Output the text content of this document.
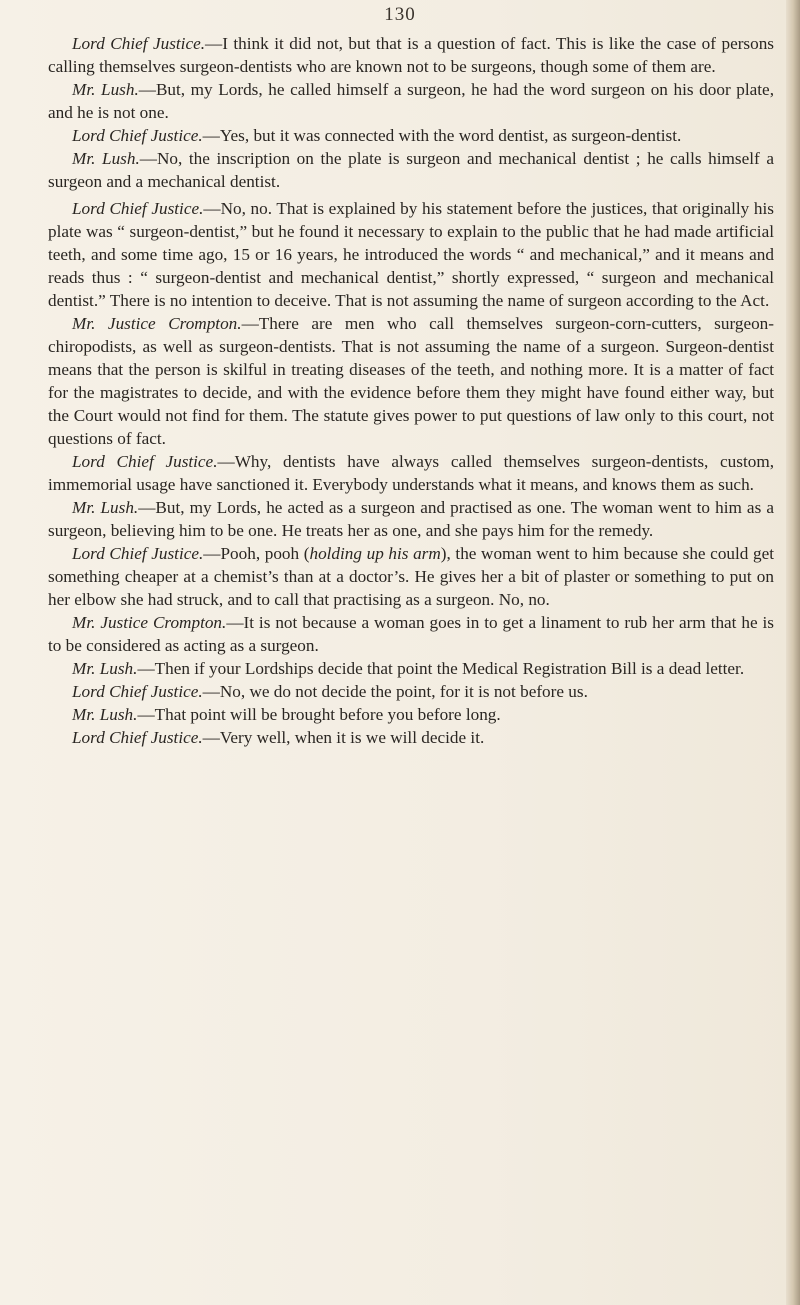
130

Lord Chief Justice.—I think it did not, but that is a question of fact. This is like the case of persons calling themselves surgeon-dentists who are known not to be surgeons, though some of them are.

Mr. Lush.—But, my Lords, he called himself a surgeon, he had the word surgeon on his door plate, and he is not one.

Lord Chief Justice.—Yes, but it was connected with the word dentist, as surgeon-dentist.

Mr. Lush.—No, the inscription on the plate is surgeon and mechanical dentist ; he calls himself a surgeon and a mechanical dentist.

Lord Chief Justice.—No, no. That is explained by his statement before the justices, that originally his plate was “ surgeon-dentist,” but he found it necessary to explain to the public that he had made artificial teeth, and some time ago, 15 or 16 years, he introduced the words “ and mechanical,” and it means and reads thus : “ surgeon-dentist and mechanical dentist,” shortly expressed, “ surgeon and mechanical dentist.” There is no intention to deceive. That is not assuming the name of surgeon according to the Act.

Mr. Justice Crompton.—There are men who call themselves surgeon-corn-cutters, surgeon-chiropodists, as well as surgeon-dentists. That is not assuming the name of a surgeon. Surgeon-dentist means that the person is skilful in treating diseases of the teeth, and nothing more. It is a matter of fact for the magistrates to decide, and with the evidence before them they might have found either way, but the Court would not find for them. The statute gives power to put questions of law only to this court, not questions of fact.

Lord Chief Justice.—Why, dentists have always called themselves surgeon-dentists, custom, immemorial usage have sanctioned it. Everybody understands what it means, and knows them as such.

Mr. Lush.—But, my Lords, he acted as a surgeon and practised as one. The woman went to him as a surgeon, believing him to be one. He treats her as one, and she pays him for the remedy.

Lord Chief Justice.—Pooh, pooh (holding up his arm), the woman went to him because she could get something cheaper at a chemist’s than at a doctor’s. He gives her a bit of plaster or something to put on her elbow she had struck, and to call that practising as a surgeon. No, no.

Mr. Justice Crompton.—It is not because a woman goes in to get a linament to rub her arm that he is to be considered as acting as a surgeon.

Mr. Lush.—Then if your Lordships decide that point the Medical Registration Bill is a dead letter.

Lord Chief Justice.—No, we do not decide the point, for it is not before us.

Mr. Lush.—That point will be brought before you before long.

Lord Chief Justice.—Very well, when it is we will decide it.
